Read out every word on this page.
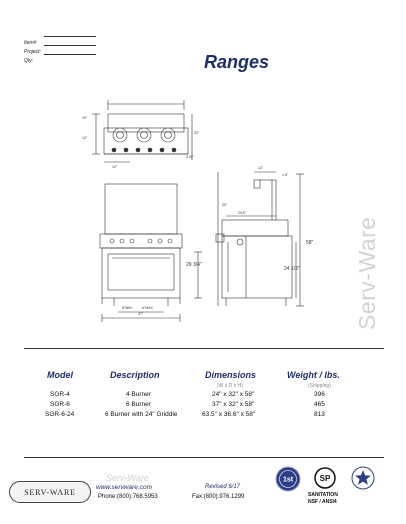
Item#
Project:
Qty:	Ranges
Serv-Ware
10"
12"
32"
3.25"
12"
5"MIN	6"MAX
37"
12"
1.5"
25"
29.5"
29 3/4"
24 1/3"
58"
Model	Description	Dimensions	Weight / lbs.
(W x D x H)	(Shipping)
SGR-4	4 Burner	24" x 32" x 58"	396
SGR-6	6 Burner	37" x 32" x 58"	465
SGR-6-24	6 Burner with 24" Griddle	63.5" x 36.6" x 58"	813
SERV-WARE
Serv-Ware
www.servware.com	Revised 6/17
Phone:(800).768.5953	Fax:(800).976.1299
1st	SP
SANITATION
NSF / ANSI4
